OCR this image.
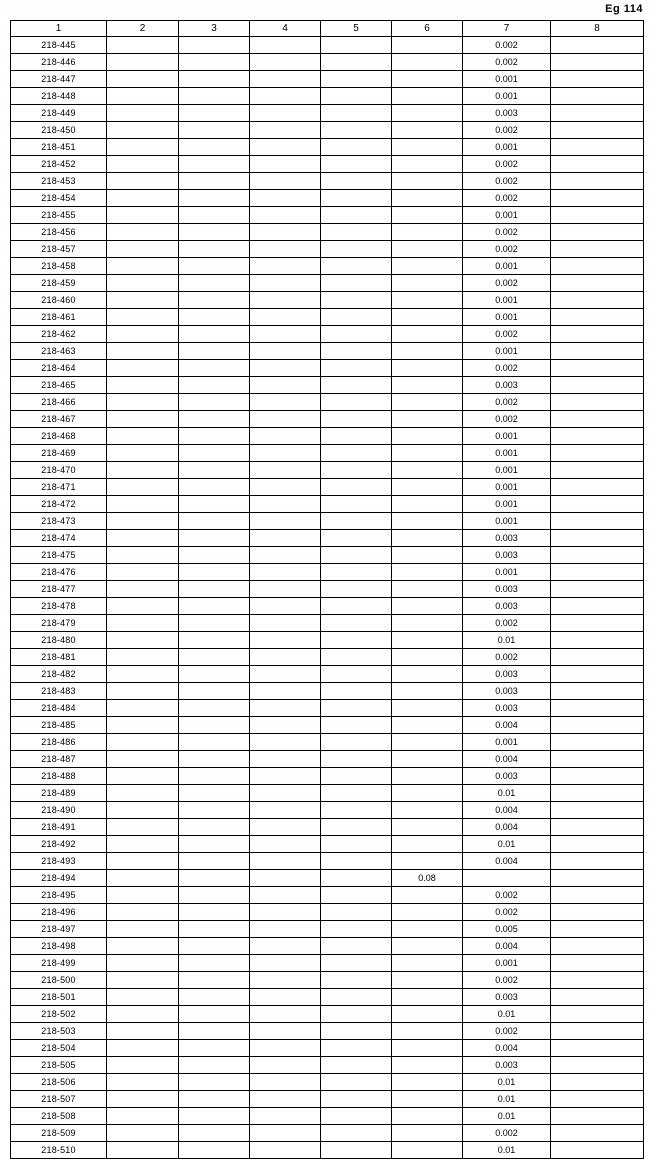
Eg 114
1	2	3	4	5	6	7	8
218-445						0.002	
218-446						0.002	
218-447						0.001	
218-448						0.001	
218-449						0.003	
218-450						0.002	
218-451						0.001	
218-452						0.002	
218-453						0.002	
218-454						0.002	
218-455						0.001	
218-456						0.002	
218-457						0.002	
218-458						0.001	
218-459						0.002	
218-460						0.001	
218-461						0.001	
218-462						0.002	
218-463						0.001	
218-464						0.002	
218-465						0.003	
218-466						0.002	
218-467						0.002	
218-468						0.001	
218-469						0.001	
218-470						0.001	
218-471						0.001	
218-472						0.001	
218-473						0.001	
218-474						0.003	
218-475						0.003	
218-476						0.001	
218-477						0.003	
218-478						0.003	
218-479						0.002	
218-480						0.01	
218-481						0.002	
218-482						0.003	
218-483						0.003	
218-484						0.003	
218-485						0.004	
218-486						0.001	
218-487						0.004	
218-488						0.003	
218-489						0.01	
218-490						0.004	
218-491						0.004	
218-492						0.01	
218-493						0.004	
218-494					0.08		
218-495						0.002	
218-496						0.002	
218-497						0.005	
218-498						0.004	
218-499						0.001	
218-500						0.002	
218-501						0.003	
218-502						0.01	
218-503						0.002	
218-504						0.004	
218-505						0.003	
218-506						0.01	
218-507						0.01	
218-508						0.01	
218-509						0.002	
218-510						0.01	
